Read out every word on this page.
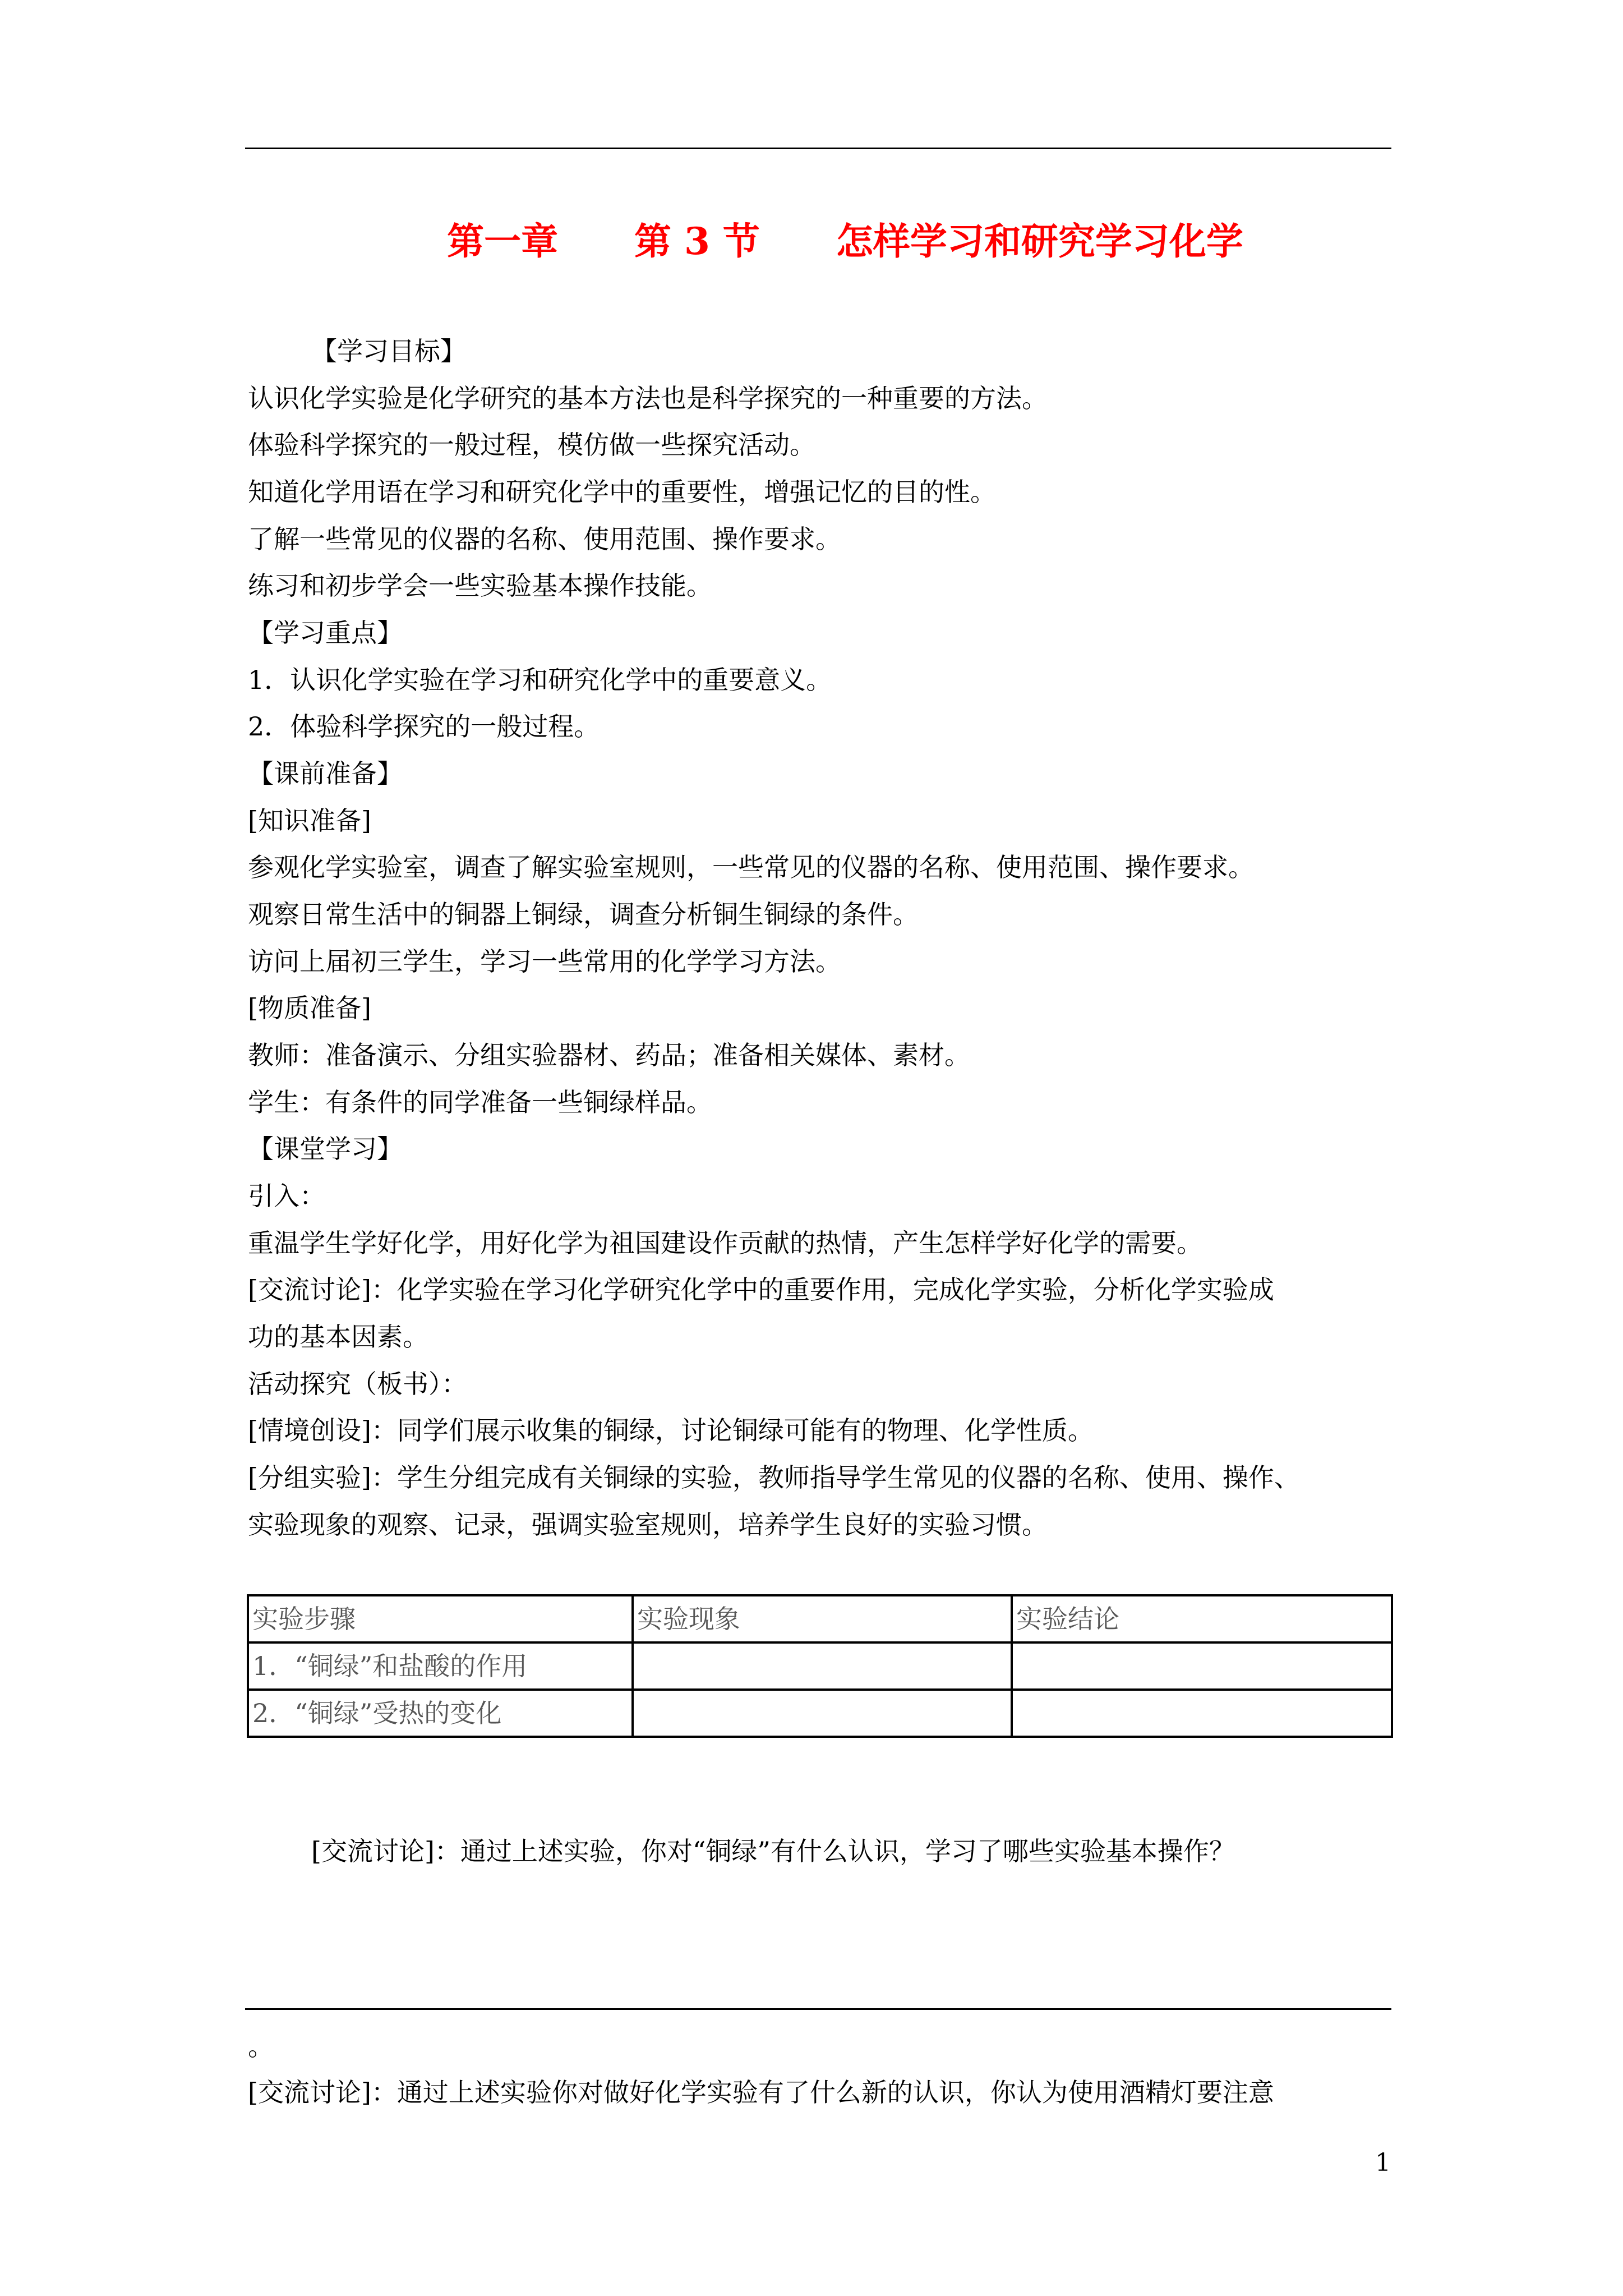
第一章 第 3 节 怎样学习和研究学习化学
【学习目标】
认识化学实验是化学研究的基本方法也是科学探究的一种重要的方法。
体验科学探究的一般过程，模仿做一些探究活动。
知道化学用语在学习和研究化学中的重要性，增强记忆的目的性。
了解一些常见的仪器的名称、使用范围、操作要求。
练习和初步学会一些实验基本操作技能。
【学习重点】
1．认识化学实验在学习和研究化学中的重要意义。
2．体验科学探究的一般过程。
【课前准备】
[知识准备]
参观化学实验室，调查了解实验室规则，一些常见的仪器的名称、使用范围、操作要求。
观察日常生活中的铜器上铜绿，调查分析铜生铜绿的条件。
访问上届初三学生，学习一些常用的化学学习方法。
[物质准备]
教师：准备演示、分组实验器材、药品；准备相关媒体、素材。
学生：有条件的同学准备一些铜绿样品。
【课堂学习】
引入：
重温学生学好化学，用好化学为祖国建设作贡献的热情，产生怎样学好化学的需要。
[交流讨论]：化学实验在学习化学研究化学中的重要作用，完成化学实验，分析化学实验成
功的基本因素。
活动探究（板书）：
[情境创设]：同学们展示收集的铜绿，讨论铜绿可能有的物理、化学性质。
[分组实验]：学生分组完成有关铜绿的实验，教师指导学生常见的仪器的名称、使用、操作、
实验现象的观察、记录，强调实验室规则，培养学生良好的实验习惯。
实验步骤	实验现象	实验结论
1．“铜绿”和盐酸的作用		
2．“铜绿”受热的变化		
[交流讨论]：通过上述实验，你对“铜绿”有什么认识，学习了哪些实验基本操作？
。
[交流讨论]：通过上述实验你对做好化学实验有了什么新的认识，你认为使用酒精灯要注意
1
